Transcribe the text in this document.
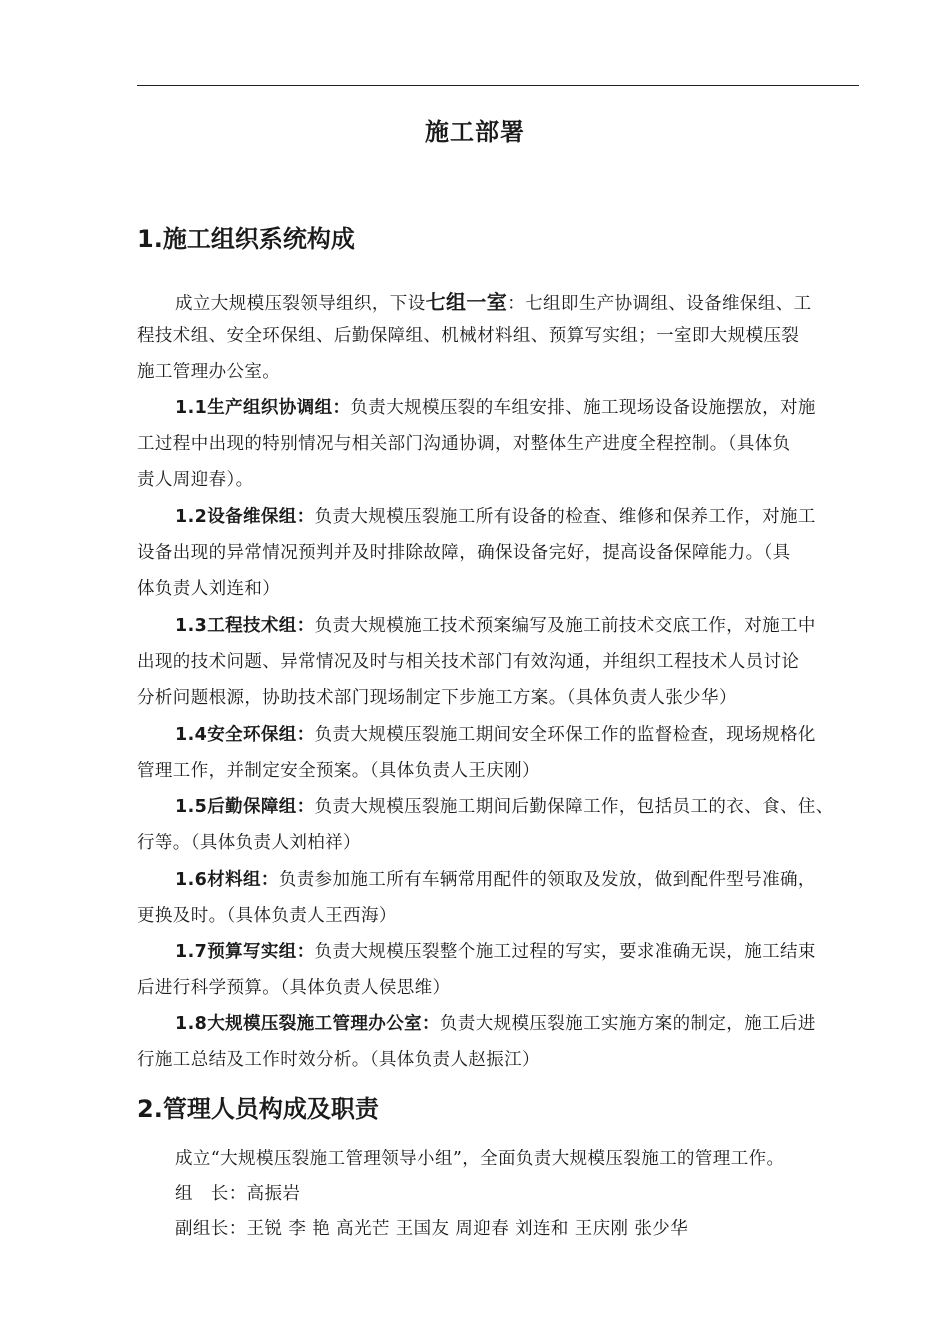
施工部署
1.施工组织系统构成
成立大规模压裂领导组织，下设七组一室：七组即生产协调组、设备维保组、工
程技术组、安全环保组、后勤保障组、机械材料组、预算写实组；一室即大规模压裂
施工管理办公室。
1.1生产组织协调组：负责大规模压裂的车组安排、施工现场设备设施摆放，对施
工过程中出现的特别情况与相关部门沟通协调，对整体生产进度全程控制。（具体负
责人周迎春）。
1.2设备维保组：负责大规模压裂施工所有设备的检查、维修和保养工作，对施工
设备出现的异常情况预判并及时排除故障，确保设备完好，提高设备保障能力。（具
体负责人刘连和）
1.3工程技术组：负责大规模施工技术预案编写及施工前技术交底工作，对施工中
出现的技术问题、异常情况及时与相关技术部门有效沟通，并组织工程技术人员讨论
分析问题根源，协助技术部门现场制定下步施工方案。（具体负责人张少华）
1.4安全环保组：负责大规模压裂施工期间安全环保工作的监督检查，现场规格化
管理工作，并制定安全预案。（具体负责人王庆刚）
1.5后勤保障组：负责大规模压裂施工期间后勤保障工作，包括员工的衣、食、住、
行等。（具体负责人刘柏祥）
1.6材料组：负责参加施工所有车辆常用配件的领取及发放，做到配件型号准确，
更换及时。（具体负责人王西海）
1.7预算写实组：负责大规模压裂整个施工过程的写实，要求准确无误，施工结束
后进行科学预算。（具体负责人侯思维）
1.8大规模压裂施工管理办公室：负责大规模压裂施工实施方案的制定，施工后进
行施工总结及工作时效分析。（具体负责人赵振江）
2.管理人员构成及职责
成立“大规模压裂施工管理领导小组”，全面负责大规模压裂施工的管理工作。
组　长：高振岩
副组长：王锐 李 艳 高光芒 王国友 周迎春 刘连和 王庆刚 张少华
